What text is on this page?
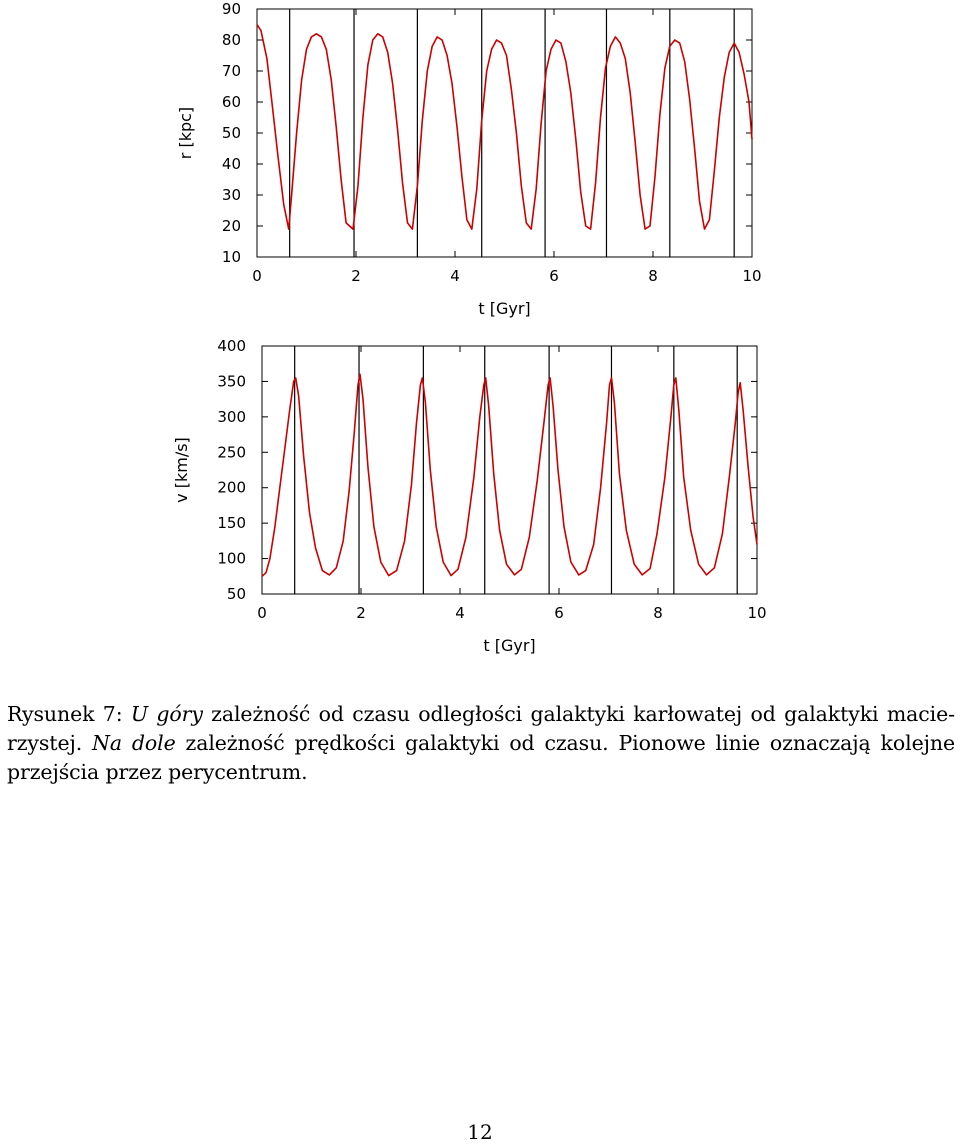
10
20
30
40
50
60
70
80
90
0	2	4	6	8	10
t [Gyr]
r [kpc]
50
100
150
200
250
300
350
400
0	2	4	6	8	10
t [Gyr]
v [km/s]
Rysunek 7: U góry zależność od czasu odległości galaktyki karłowatej od galaktyki macie-
rzystej. Na dole zależność prędkości galaktyki od czasu. Pionowe linie oznaczają kolejne
przejścia przez perycentrum.
12
